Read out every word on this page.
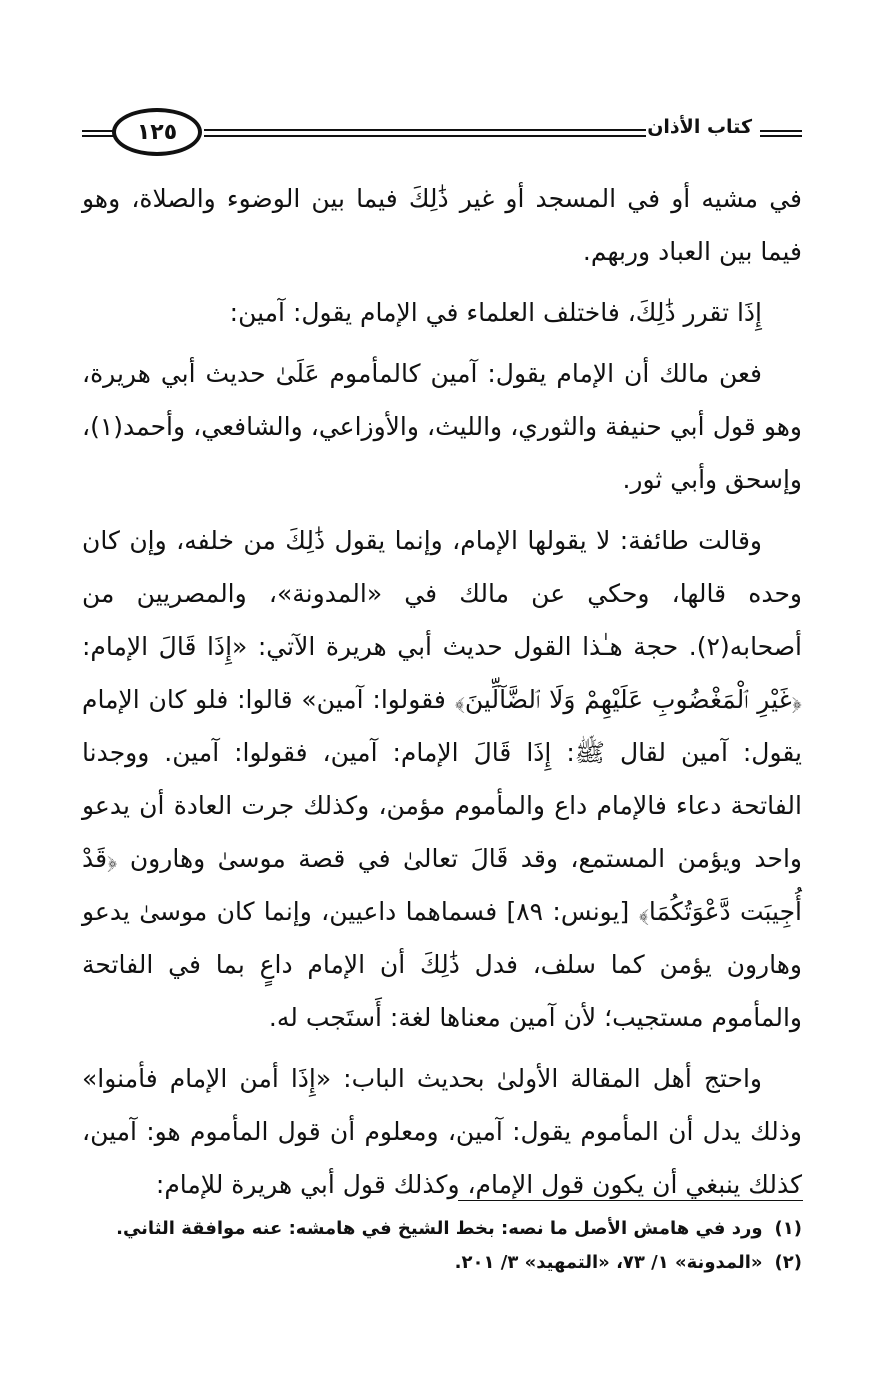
كتاب الأذان
١٢٥

في مشيه أو في المسجد أو غير ذَٰلِكَ فيما بين الوضوء والصلاة، وهو فيما بين العباد وربهم.

إِذَا تقرر ذَٰلِكَ، فاختلف العلماء في الإمام يقول: آمين:

فعن مالك أن الإمام يقول: آمين كالمأموم عَلَىٰ حديث أبي هريرة، وهو قول أبي حنيفة والثوري، والليث، والأوزاعي، والشافعي، وأحمد(١)، وإسحق وأبي ثور.

وقالت طائفة: لا يقولها الإمام، وإنما يقول ذَٰلِكَ من خلفه، وإن كان وحده قالها، وحكي عن مالك في «المدونة»، والمصريين من أصحابه(٢). حجة هـٰذا القول حديث أبي هريرة الآتي: «إِذَا قَالَ الإمام: ﴿غَيْرِ ٱلْمَغْضُوبِ عَلَيْهِمْ وَلَا ٱلضَّآلِّينَ﴾ فقولوا: آمين» قالوا: فلو كان الإمام يقول: آمين لقال ﷺ: إِذَا قَالَ الإمام: آمين، فقولوا: آمين. ووجدنا الفاتحة دعاء فالإمام داع والمأموم مؤمن، وكذلك جرت العادة أن يدعو واحد ويؤمن المستمع، وقد قَالَ تعالىٰ في قصة موسىٰ وهارون ﴿قَدْ أُجِيبَت دَّعْوَتُكُمَا﴾ [يونس: ٨٩] فسماهما داعيين، وإنما كان موسىٰ يدعو وهارون يؤمن كما سلف، فدل ذَٰلِكَ أن الإمام داعٍ بما في الفاتحة والمأموم مستجيب؛ لأن آمين معناها لغة: أَستَجب له.

واحتج أهل المقالة الأولىٰ بحديث الباب: «إِذَا أمن الإمام فأمنوا» وذلك يدل أن المأموم يقول: آمين، ومعلوم أن قول المأموم هو: آمين، كذلك ينبغي أن يكون قول الإمام، وكذلك قول أبي هريرة للإمام:

(١)ورد في هامش الأصل ما نصه: بخط الشيخ في هامشه: عنه موافقة الثاني.
(٢)«المدونة» ١/ ٧٣، «التمهيد» ٣/ ٢٠١.
